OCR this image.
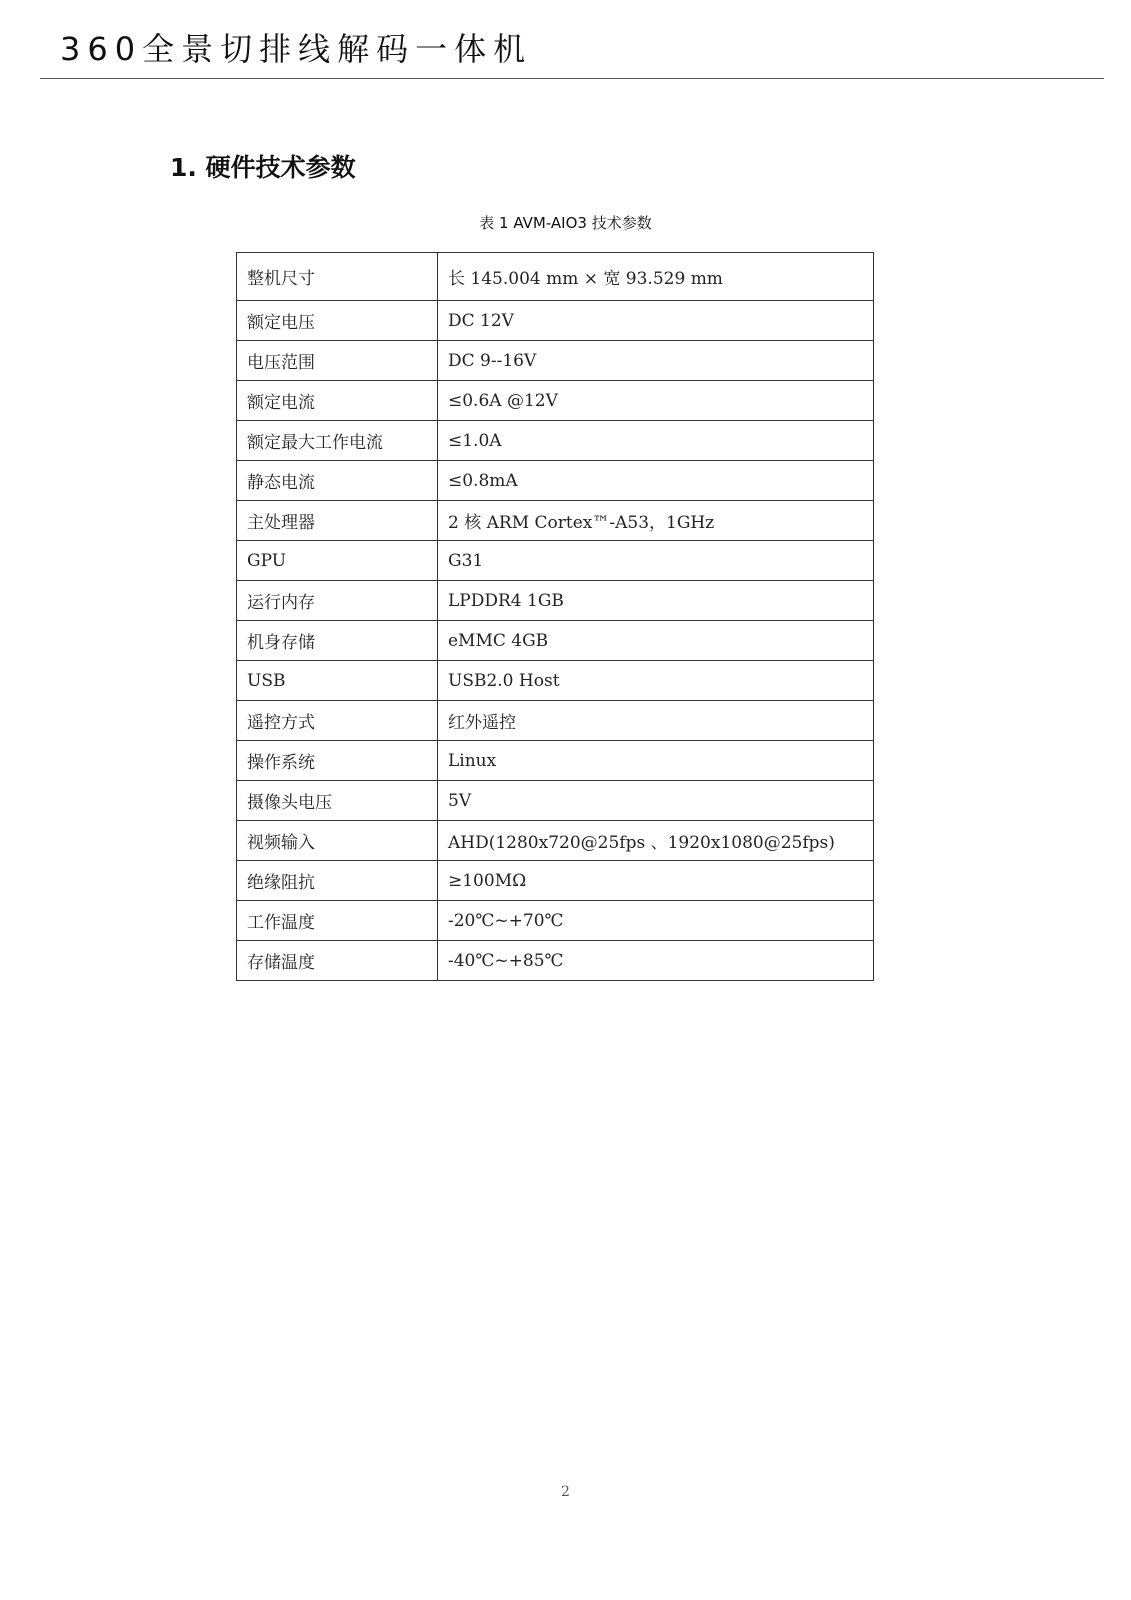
360全景切排线解码一体机
1. 硬件技术参数
表 1 AVM-AIO3 技术参数
整机尺寸	长 145.004 mm × 宽 93.529 mm
额定电压	DC 12V
电压范围	DC 9--16V
额定电流	≤0.6A @12V
额定最大工作电流	≤1.0A
静态电流	≤0.8mA
主处理器	2 核 ARM Cortex™-A53，1GHz
GPU	G31
运行内存	LPDDR4 1GB
机身存储	eMMC 4GB
USB	USB2.0 Host
遥控方式	红外遥控
操作系统	Linux
摄像头电压	5V
视频输入	AHD(1280x720@25fps 、1920x1080@25fps)
绝缘阻抗	≥100MΩ
工作温度	-20℃~+70℃
存储温度	-40℃~+85℃
2
